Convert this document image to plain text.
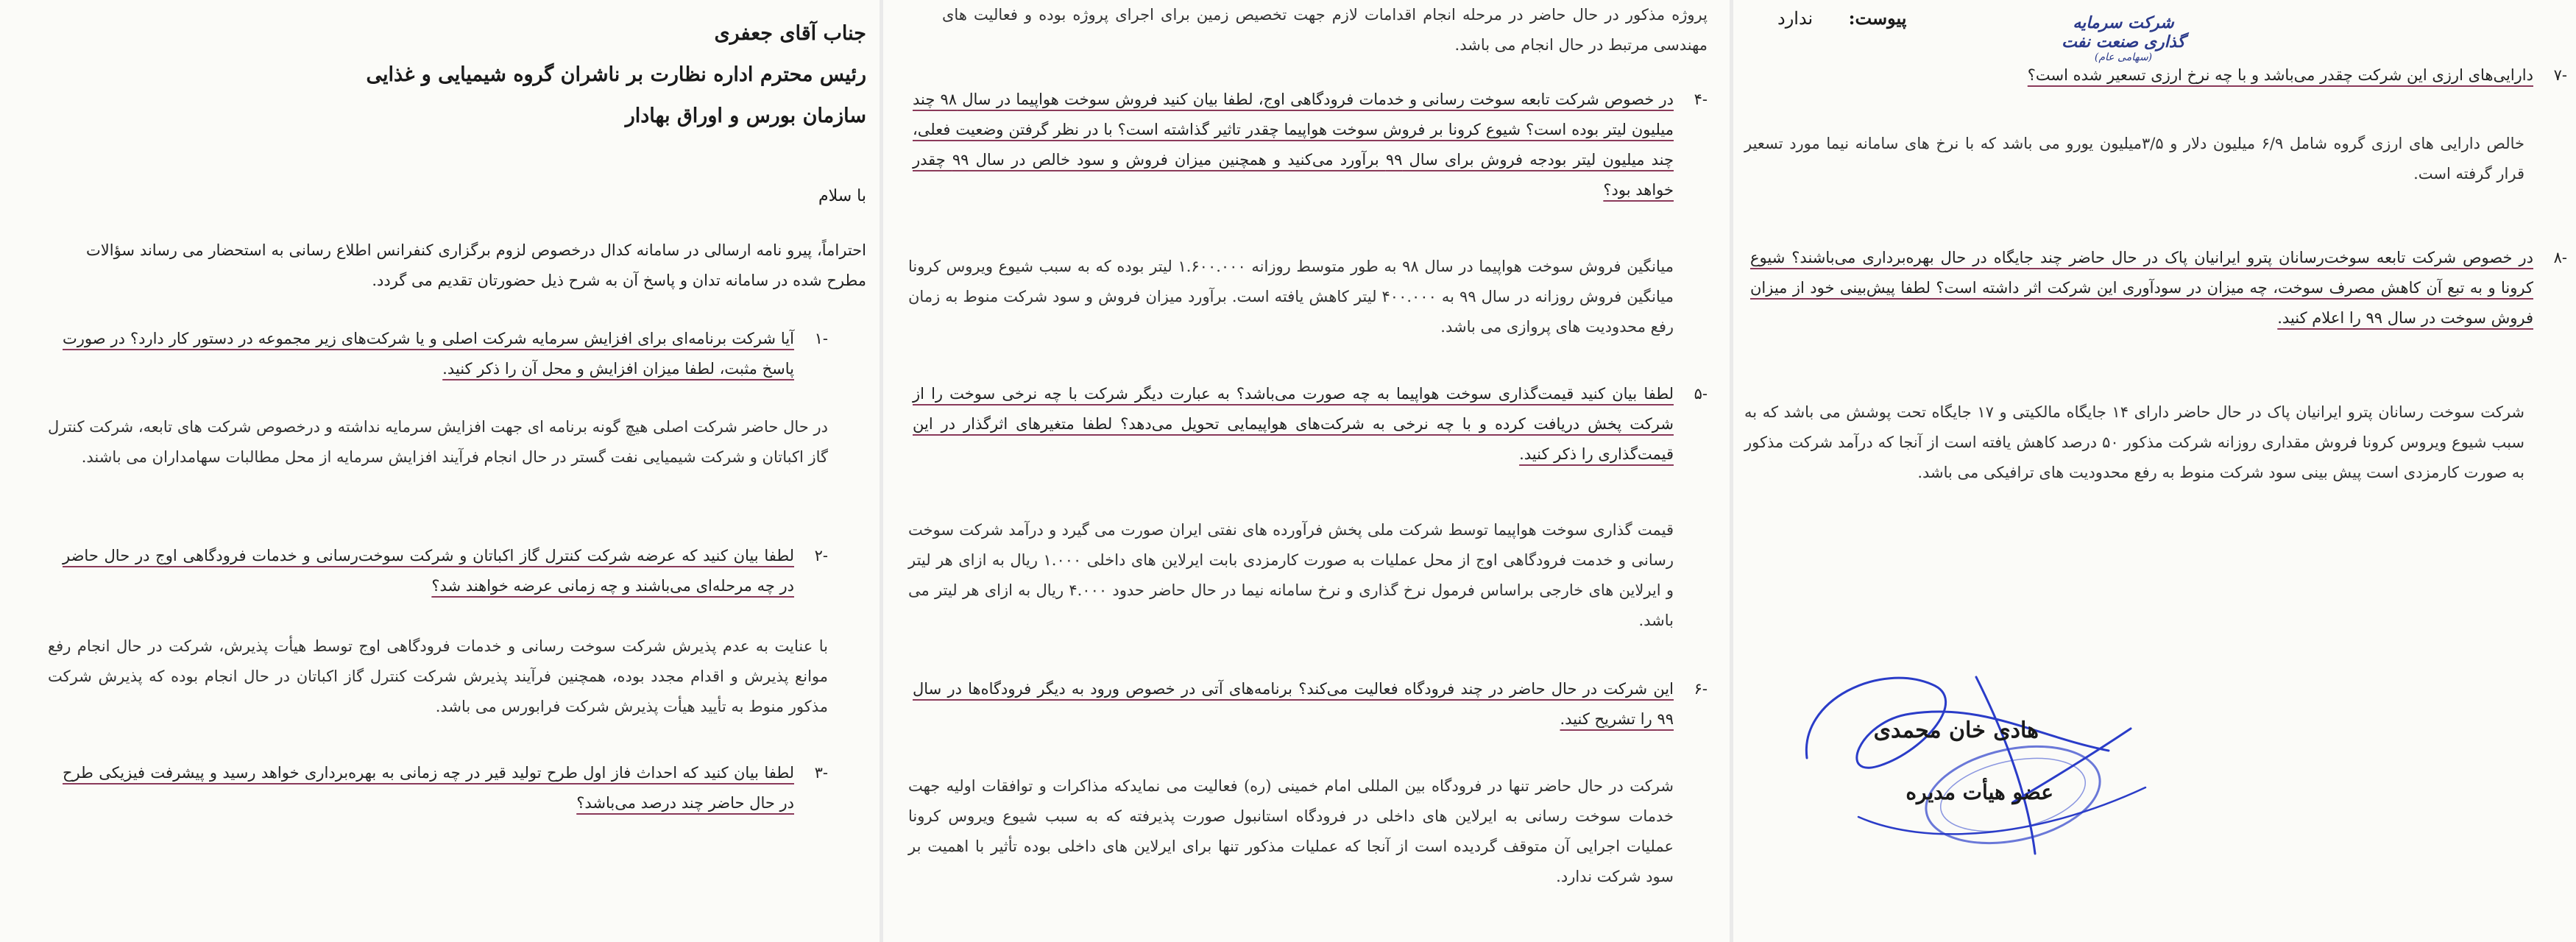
جناب آقای جعفری
رئیس محترم اداره نظارت بر ناشران گروه شیمیایی و غذایی
سازمان بورس و اوراق بهادار
با سلام
احتراماً، پیرو نامه ارسالی در سامانه کدال درخصوص لزوم برگزاری کنفرانس اطلاع رسانی به استحضار می رساند سؤالات مطرح شده در سامانه تدان و پاسخ آن به شرح ذیل حضورتان تقدیم می گردد.
-۱
آیا شرکت برنامه‌ای برای افزایش سرمایه شرکت اصلی و یا شرکت‌های زیر مجموعه در دستور کار دارد؟ در صورت پاسخ مثبت، لطفا میزان افزایش و محل آن را ذکر کنید.
در حال حاضر شرکت اصلی هیچ گونه برنامه ای جهت افزایش سرمایه نداشته و درخصوص شرکت های تابعه، شرکت کنترل گاز اکباتان و شرکت شیمیایی نفت گستر در حال انجام فرآیند افزایش سرمایه از محل مطالبات سهامداران می باشند.
-۲
لطفا بیان کنید که عرضه شرکت کنترل گاز اکباتان و شرکت سوخت‌رسانی و خدمات فرودگاهی اوج در حال حاضر در چه مرحله‌ای می‌باشند و چه زمانی عرضه خواهند شد؟
با عنایت به عدم پذیرش شرکت سوخت رسانی و خدمات فرودگاهی اوج توسط هیأت پذیرش، شرکت در حال انجام رفع موانع پذیرش و اقدام مجدد بوده، همچنین فرآیند پذیرش شرکت کنترل گاز اکباتان در حال انجام بوده که پذیرش شرکت مذکور منوط به تأیید هیأت پذیرش شرکت فرابورس می باشد.
-۳
لطفا بیان کنید که احداث فاز اول طرح تولید قیر در چه زمانی به بهره‌برداری خواهد رسید و پیشرفت فیزیکی طرح در حال حاضر چند درصد می‌باشد؟
پروژه مذکور در حال حاضر در مرحله انجام اقدامات لازم جهت تخصیص زمین برای اجرای پروژه بوده و فعالیت های مهندسی مرتبط در حال انجام می باشد.
-۴
در خصوص شرکت تابعه سوخت رسانی و خدمات فرودگاهی اوج، لطفا بیان کنید فروش سوخت هواپیما در سال ۹۸ چند میلیون لیتر بوده است؟ شیوع کرونا بر فروش سوخت هواپیما چقدر تاثیر گذاشته است؟ با در نظر گرفتن وضعیت فعلی، چند میلیون لیتر بودجه فروش برای سال ۹۹ برآورد می‌کنید و همچنین میزان فروش و سود خالص در سال ۹۹ چقدر خواهد بود؟
میانگین فروش سوخت هواپیما در سال ۹۸ به طور متوسط روزانه ۱.۶۰۰.۰۰۰ لیتر بوده که به سبب شیوع ویروس کرونا میانگین فروش روزانه در سال ۹۹ به ۴۰۰.۰۰۰ لیتر کاهش یافته است. برآورد میزان فروش و سود شرکت منوط به زمان رفع محدودیت های پروازی می باشد.
-۵
لطفا بیان کنید قیمت‌گذاری سوخت هواپیما به چه صورت می‌باشد؟ به عبارت دیگر شرکت با چه نرخی سوخت را از شرکت پخش دریافت کرده و با چه نرخی به شرکت‌های هواپیمایی تحویل می‌دهد؟ لطفا متغیرهای اثرگذار در این قیمت‌گذاری را ذکر کنید.
قیمت گذاری سوخت هواپیما توسط شرکت ملی پخش فرآورده های نفتی ایران صورت می گیرد و درآمد شرکت سوخت رسانی و خدمت فرودگاهی اوج از محل عملیات به صورت کارمزدی بابت ایرلاین های داخلی ۱.۰۰۰ ریال به ازای هر لیتر و ایرلاین های خارجی براساس فرمول نرخ گذاری و نرخ سامانه نیما در حال حاضر حدود ۴.۰۰۰ ریال به ازای هر لیتر می باشد.
-۶
این شرکت در حال حاضر در چند فرودگاه فعالیت می‌کند؟ برنامه‌های آتی در خصوص ورود به دیگر فرودگاه‌ها در سال ۹۹ را تشریح کنید.
شرکت در حال حاضر تنها در فرودگاه بین المللی امام خمینی (ره) فعالیت می نمایدکه مذاکرات و توافقات اولیه جهت خدمات سوخت رسانی به ایرلاین های داخلی در فرودگاه استانبول صورت پذیرفته که به سبب شیوع ویروس کرونا عملیات اجرایی آن متوقف گردیده است از آنجا که عملیات مذکور تنها برای ایرلاین های داخلی بوده تأثیر با اهمیت بر سود شرکت ندارد.
شرکت سرمایه گذاری صنعت نفت
(سهامی عام)
پیوست: ندارد
-۷
دارایی‌های ارزی این شرکت چقدر می‌باشد و با چه نرخ ارزی تسعیر شده است؟
خالص دارایی های ارزی گروه شامل ۶/۹ میلیون دلار و ۳/۵میلیون یورو می باشد که با نرخ های سامانه نیما مورد تسعیر قرار گرفته است.
-۸
در خصوص شرکت تابعه سوخت‌رسانان پترو ایرانیان پاک در حال حاضر چند جایگاه در حال بهره‌برداری می‌باشند؟ شیوع کرونا و به تبع آن کاهش مصرف سوخت، چه میزان در سودآوری این شرکت اثر داشته است؟ لطفا پیش‌بینی خود از میزان فروش سوخت در سال ۹۹ را اعلام کنید.
شرکت سوخت رسانان پترو ایرانیان پاک در حال حاضر دارای ۱۴ جایگاه مالکیتی و ۱۷ جایگاه تحت پوشش می باشد که به سبب شیوع ویروس کرونا فروش مقداری روزانه شرکت مذکور ۵۰ درصد کاهش یافته است از آنجا که درآمد شرکت مذکور به صورت کارمزدی است پیش بینی سود شرکت منوط به رفع محدودیت های ترافیکی می باشد.
هادی خان محمدی
عضو هیأت مدیره
